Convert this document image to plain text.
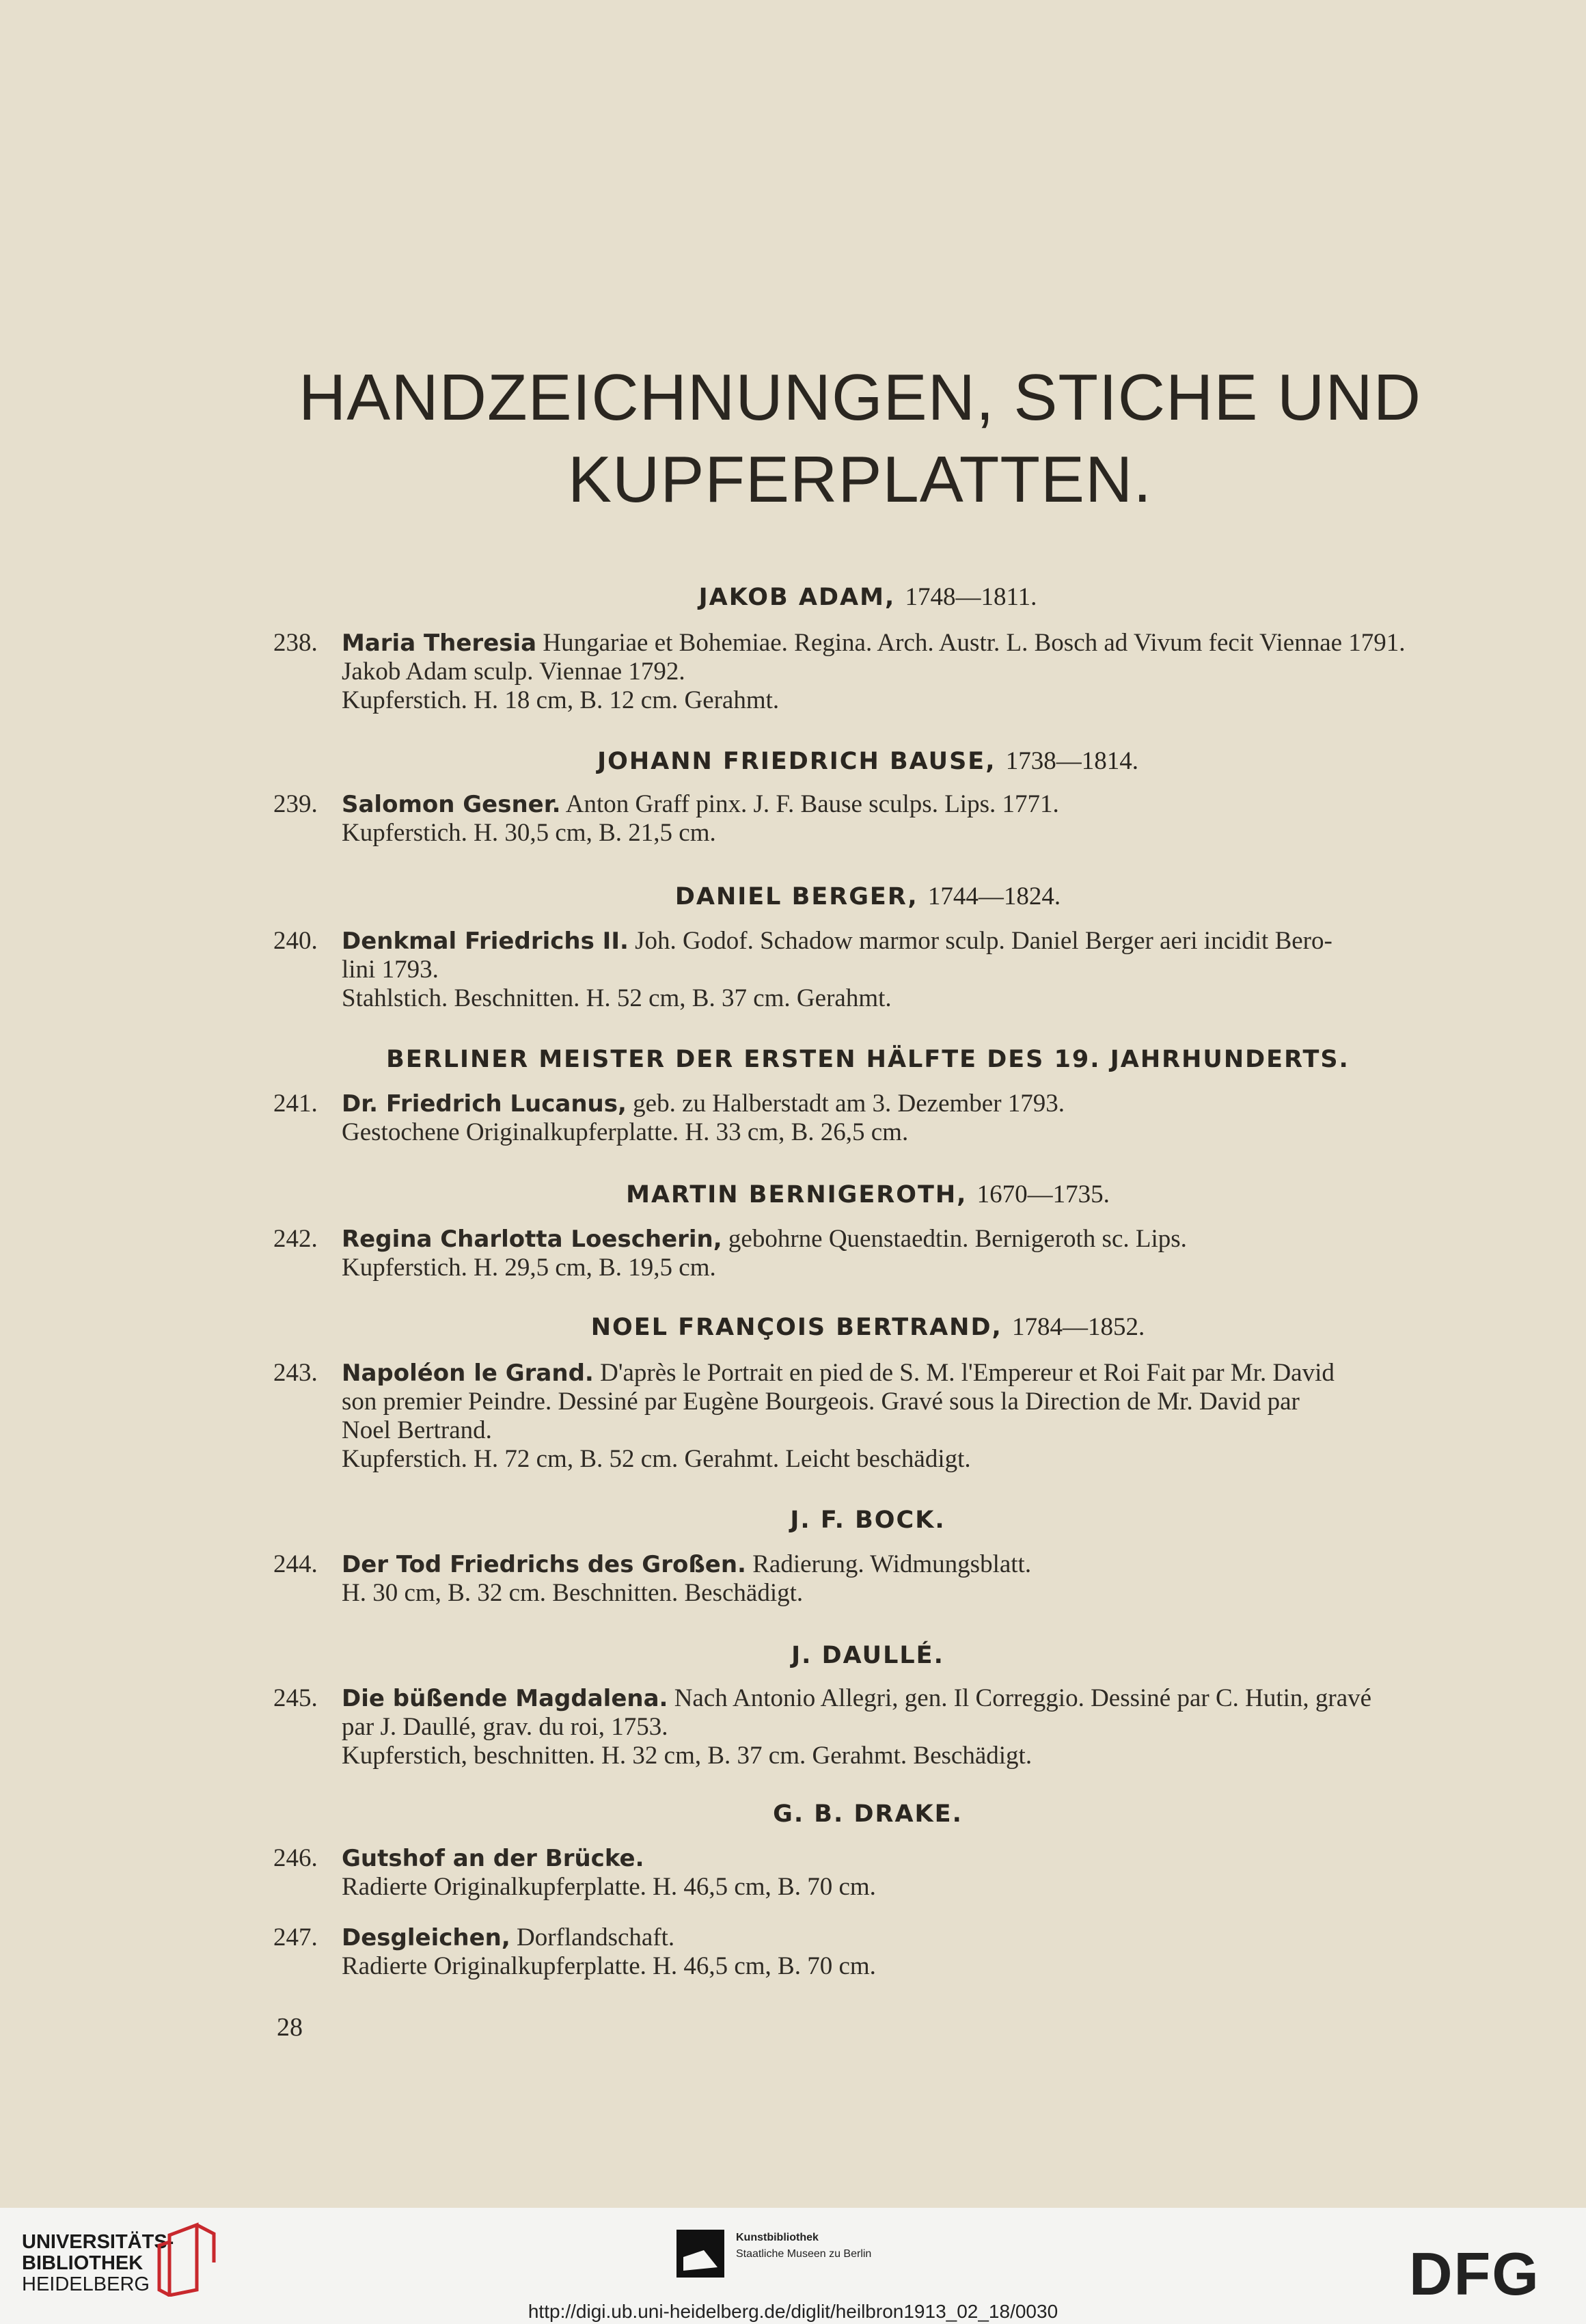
HANDZEICHNUNGEN, STICHE UND
KUPFERPLATTEN.
JAKOB ADAM, 1748—1811.
238.	Maria Theresia Hungariae et Bohemiae. Regina. Arch. Austr. L. Bosch ad Vivum fecit Viennae 1791.
Jakob Adam sculp. Viennae 1792.
Kupferstich. H. 18 cm, B. 12 cm. Gerahmt.
JOHANN FRIEDRICH BAUSE, 1738—1814.
239.	Salomon Gesner. Anton Graff pinx. J. F. Bause sculps. Lips. 1771.
Kupferstich. H. 30,5 cm, B. 21,5 cm.
DANIEL BERGER, 1744—1824.
240.	Denkmal Friedrichs II. Joh. Godof. Schadow marmor sculp. Daniel Berger aeri incidit Bero-
lini 1793.
Stahlstich. Beschnitten. H. 52 cm, B. 37 cm. Gerahmt.
BERLINER MEISTER DER ERSTEN HÄLFTE DES 19. JAHRHUNDERTS.
241.	Dr. Friedrich Lucanus, geb. zu Halberstadt am 3. Dezember 1793.
Gestochene Originalkupferplatte. H. 33 cm, B. 26,5 cm.
MARTIN BERNIGEROTH, 1670—1735.
242.	Regina Charlotta Loescherin, gebohrne Quenstaedtin. Bernigeroth sc. Lips.
Kupferstich. H. 29,5 cm, B. 19,5 cm.
NOEL FRANÇOIS BERTRAND, 1784—1852.
243.	Napoléon le Grand. D'après le Portrait en pied de S. M. l'Empereur et Roi Fait par Mr. David
son premier Peindre. Dessiné par Eugène Bourgeois. Gravé sous la Direction de Mr. David par
Noel Bertrand.
Kupferstich. H. 72 cm, B. 52 cm. Gerahmt. Leicht beschädigt.
J. F. BOCK.
244.	Der Tod Friedrichs des Großen. Radierung. Widmungsblatt.
H. 30 cm, B. 32 cm. Beschnitten. Beschädigt.
J. DAULLÉ.
245.	Die büßende Magdalena. Nach Antonio Allegri, gen. Il Correggio. Dessiné par C. Hutin, gravé
par J. Daullé, grav. du roi, 1753.
Kupferstich, beschnitten. H. 32 cm, B. 37 cm. Gerahmt. Beschädigt.
G. B. DRAKE.
246.	Gutshof an der Brücke.
Radierte Originalkupferplatte. H. 46,5 cm, B. 70 cm.
247.	Desgleichen, Dorflandschaft.
Radierte Originalkupferplatte. H. 46,5 cm, B. 70 cm.
28
UNIVERSITÄTS-
BIBLIOTHEK
HEIDELBERG
Kunstbibliothek
Staatliche Museen zu Berlin	DFG
http://digi.ub.uni-heidelberg.de/diglit/heilbron1913_02_18/0030
